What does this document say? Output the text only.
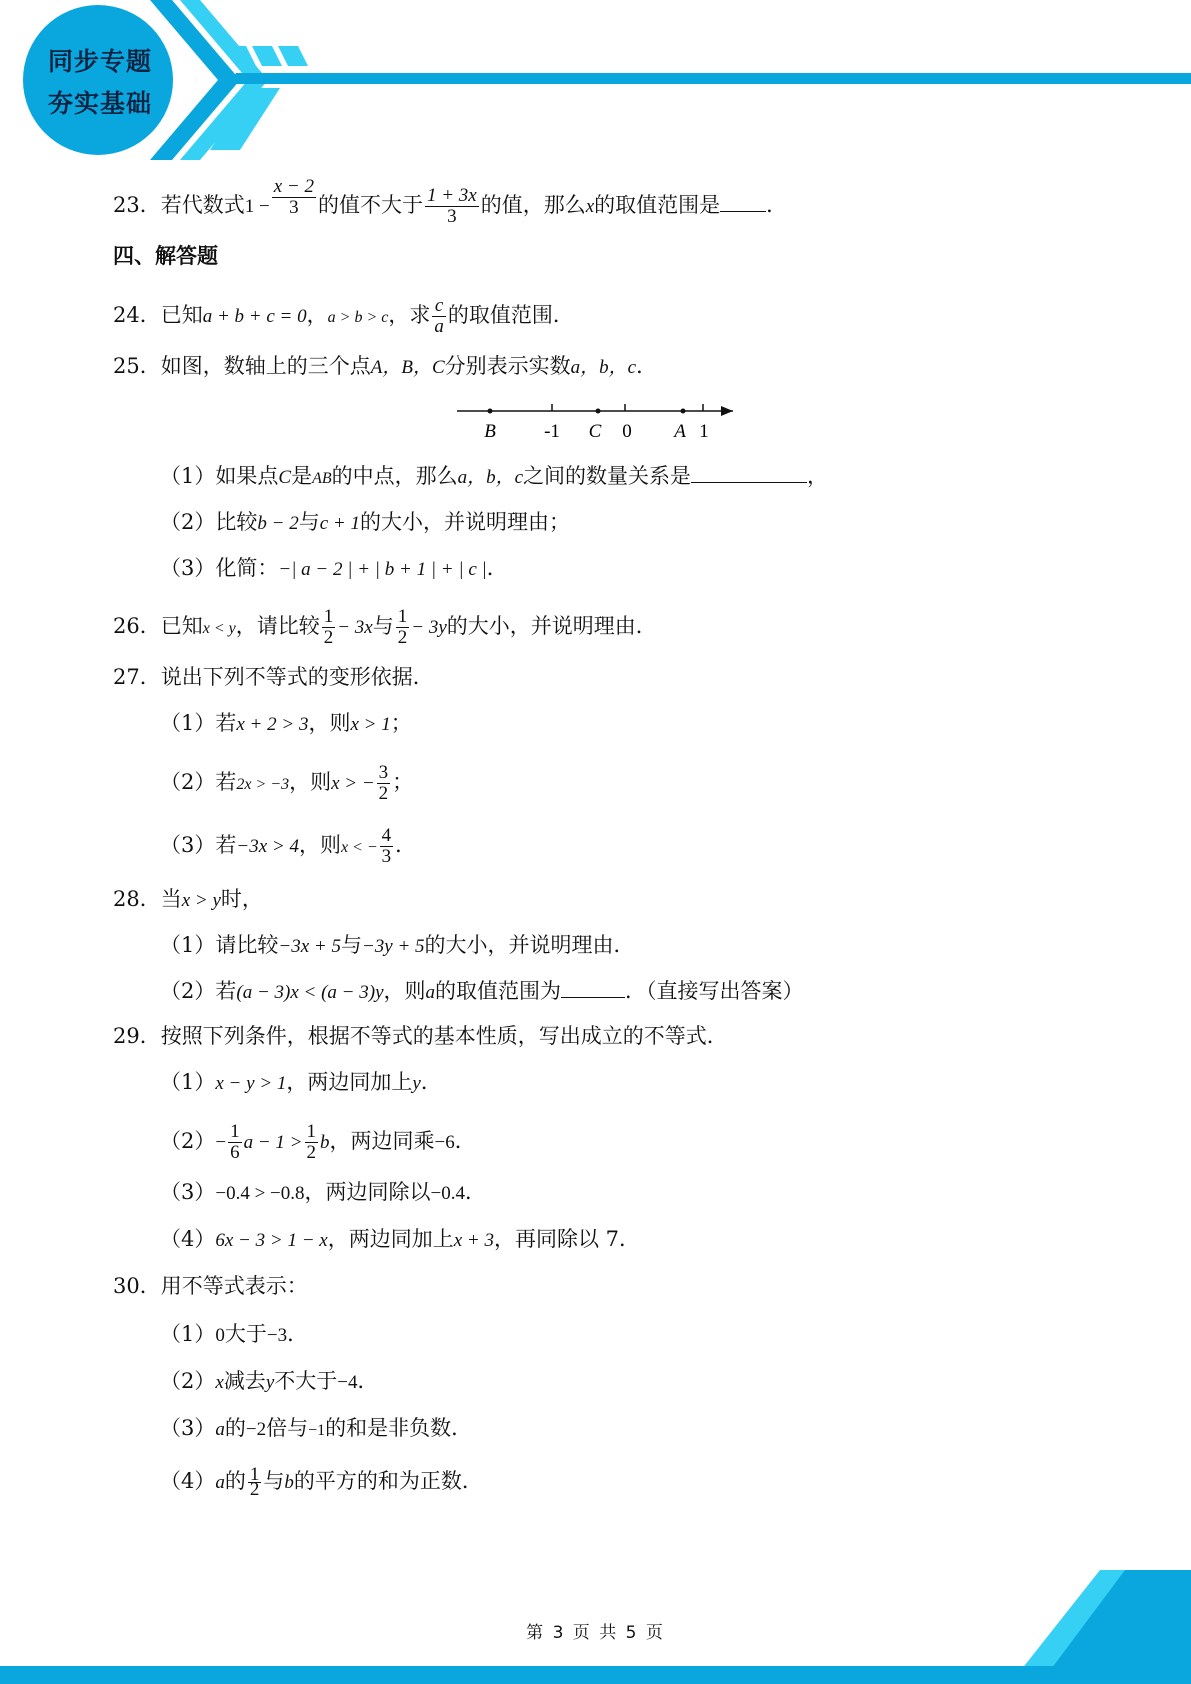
同步专题
夯实基础
23．若代数式$1 - \frac{x - 2}{3}$ 的值不大于 $\frac{1 + 3x}{3}$ 的值，那么x的取值范围是 ．
四、解答题
24．已知a + b + c = 0，a > b > c，求 $\frac{c}{a}$ 的取值范围．
25．如图，数轴上的三个点A，B，C分别表示实数a，b，c．
B	-1 C 0 A 1
（1）如果点C是AB的中点，那么a，b，c之间的数量关系是	，
（2）比较b − 2与c + 1的大小，并说明理由；
（3）化简：−| a − 2 | + | b + 1 | + | c |．
26．已知x < y，请比较 $\frac{1}{2} - 3x$与 $\frac{1}{2} - 3y$的大小，并说明理由．
27．说出下列不等式的变形依据．
（1）若x + 2 > 3，则x > 1；
（2）若2x > −3，则x > − $\frac{3}{2}$ ；
（3）若−3x > 4，则x < − $\frac{4}{3}$ ．
28．当x > y时，
（1）请比较−3x + 5与−3y + 5的大小，并说明理由．
（2）若(a − 3)x < (a − 3)y，则a的取值范围为	．（直接写出答案）
29．按照下列条件，根据不等式的基本性质，写出成立的不等式．
（1）x − y > 1，两边同加上y．
$(2)- \frac{1}{6}$ $a - 1 > \frac{1}{2}$ b，两边同乘−6．
（3）−0.4 > −0.8，两边同除以−0.4．
（4）6x − 3 > 1 − x，两边同加上x + 3，再同除以 7．
30．用不等式表示：
（1）0大于−3．
（2）x减去y不大于−4．
（3）a的−2倍与−1的和是非负数．
（4）a的 $\frac{1}{2}$ 与b的平方的和为正数．
第 3 页 共 5 页
